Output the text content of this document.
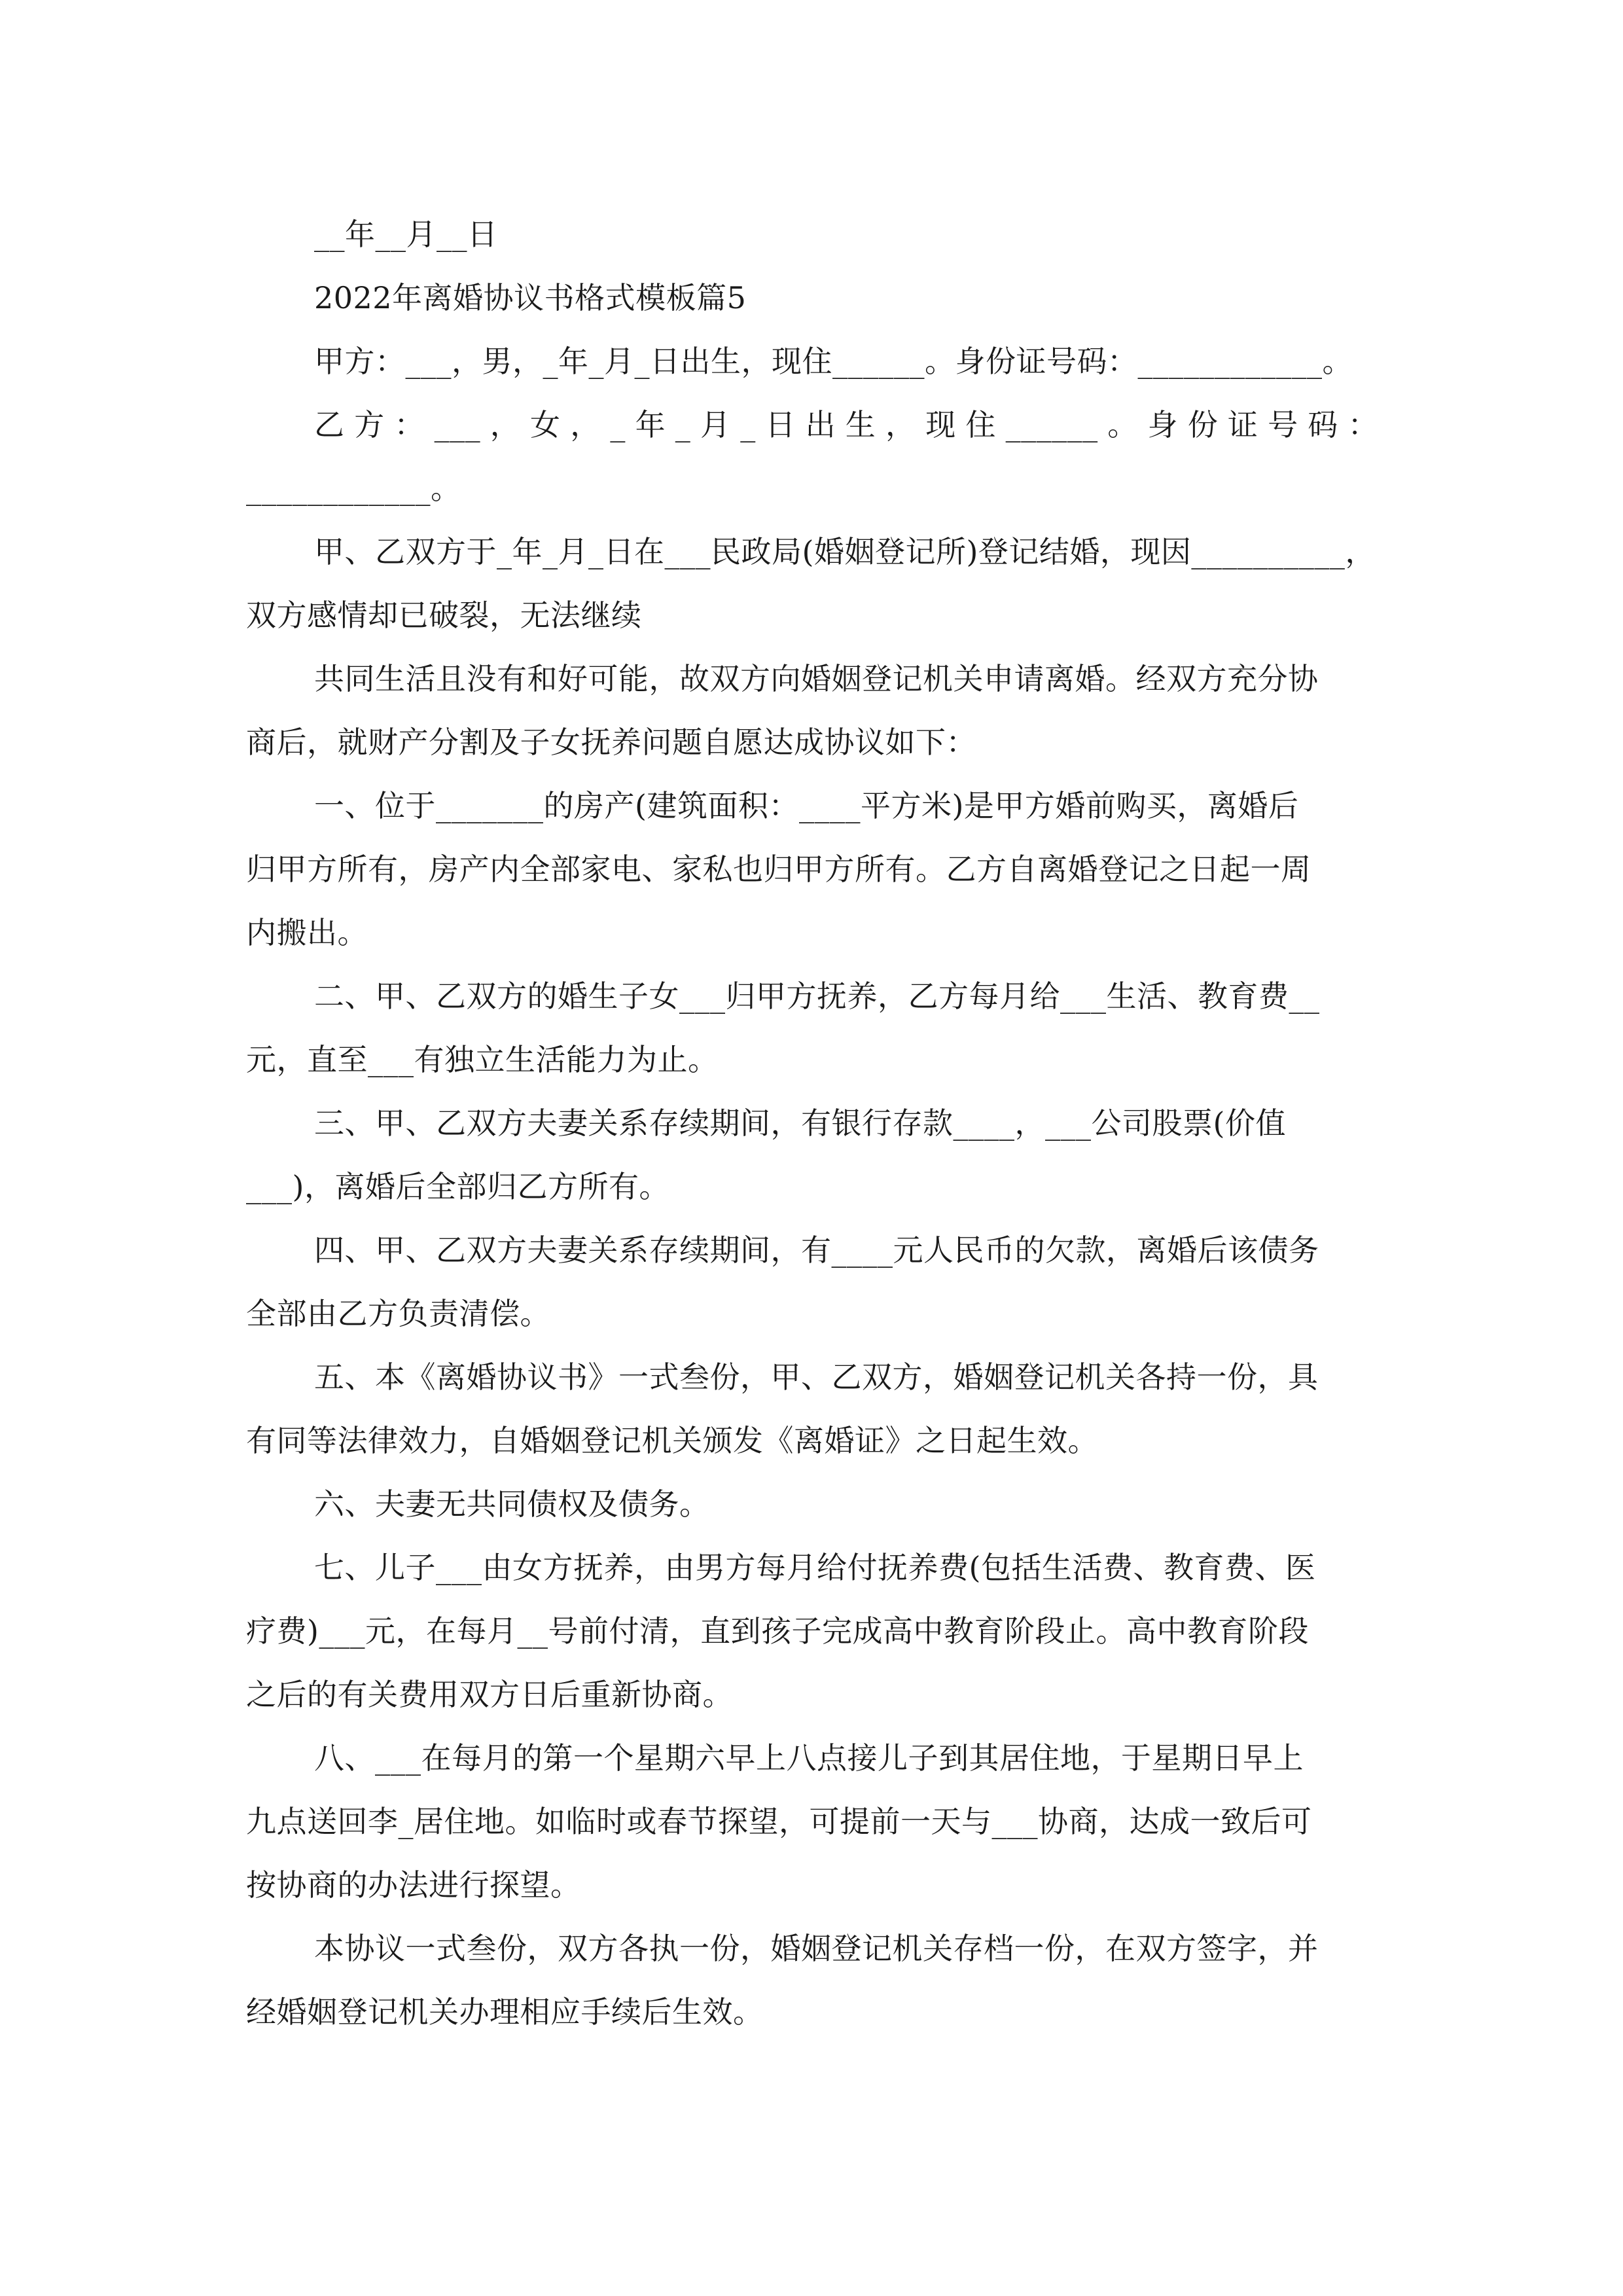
__年__月__日

2022年离婚协议书格式模板篇5

甲方：___，男，_年_月_日出生，现住______。身份证号码：____________。

乙方：___，女，_年_月_日出生，现住______。身份证号码：

____________。

甲、乙双方于_年_月_日在___民政局(婚姻登记所)登记结婚，现因__________，

双方感情却已破裂，无法继续

共同生活且没有和好可能，故双方向婚姻登记机关申请离婚。经双方充分协

商后，就财产分割及子女抚养问题自愿达成协议如下：

一、位于_______的房产(建筑面积：____平方米)是甲方婚前购买，离婚后

归甲方所有，房产内全部家电、家私也归甲方所有。乙方自离婚登记之日起一周

内搬出。

二、甲、乙双方的婚生子女___归甲方抚养，乙方每月给___生活、教育费__

元，直至___有独立生活能力为止。

三、甲、乙双方夫妻关系存续期间，有银行存款____，___公司股票(价值

___)，离婚后全部归乙方所有。

四、甲、乙双方夫妻关系存续期间，有____元人民币的欠款，离婚后该债务

全部由乙方负责清偿。

五、本《离婚协议书》一式叁份，甲、乙双方，婚姻登记机关各持一份，具

有同等法律效力，自婚姻登记机关颁发《离婚证》之日起生效。

六、夫妻无共同债权及债务。

七、儿子___由女方抚养，由男方每月给付抚养费(包括生活费、教育费、医

疗费)___元，在每月__号前付清，直到孩子完成高中教育阶段止。高中教育阶段

之后的有关费用双方日后重新协商。

八、___在每月的第一个星期六早上八点接儿子到其居住地，于星期日早上

九点送回李_居住地。如临时或春节探望，可提前一天与___协商，达成一致后可

按协商的办法进行探望。

本协议一式叁份，双方各执一份，婚姻登记机关存档一份，在双方签字，并

经婚姻登记机关办理相应手续后生效。
